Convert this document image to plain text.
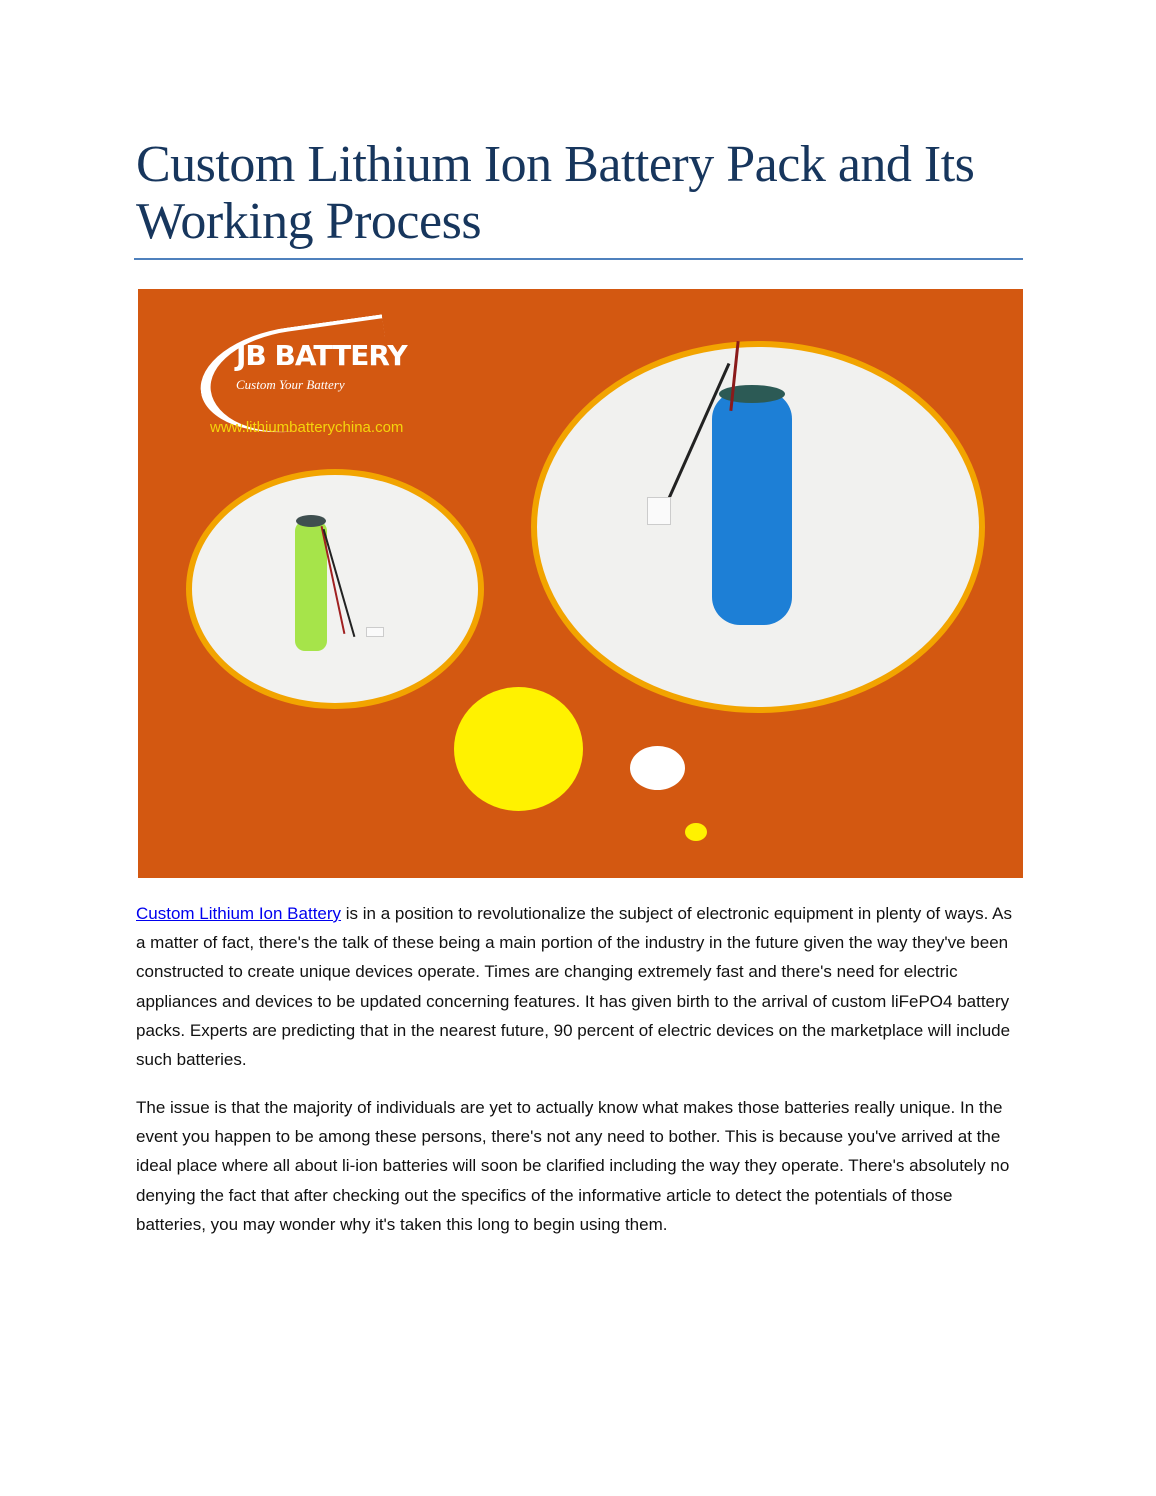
Custom Lithium Ion Battery Pack and Its Working Process
JB BATTERY
Custom Your Battery
www.lithiumbatterychina.com

Custom Lithium Ion Battery is in a position to revolutionalize the subject of electronic equipment in plenty of ways. As a matter of fact, there's the talk of these being a main portion of the industry in the future given the way they've been constructed to create unique devices operate. Times are changing extremely fast and there's need for electric appliances and devices to be updated concerning features. It has given birth to the arrival of custom liFePO4 battery packs. Experts are predicting that in the nearest future, 90 percent of electric devices on the marketplace will include such batteries.

The issue is that the majority of individuals are yet to actually know what makes those batteries really unique. In the event you happen to be among these persons, there's not any need to bother. This is because you've arrived at the ideal place where all about li-ion batteries will soon be clarified including the way they operate. There's absolutely no denying the fact that after checking out the specifics of the informative article to detect the potentials of those batteries, you may wonder why it's taken this long to begin using them.
